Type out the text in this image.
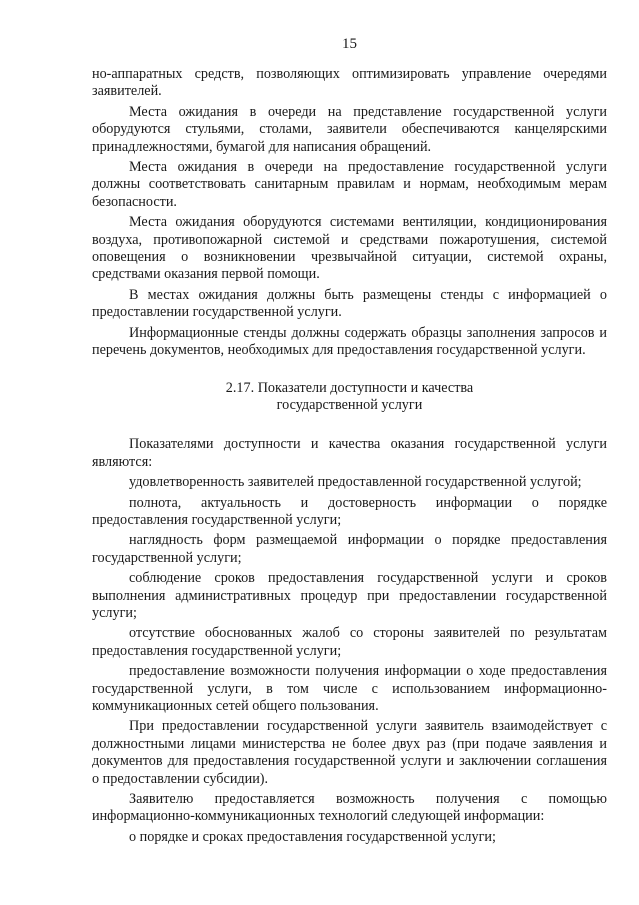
15

но-аппаратных средств, позволяющих оптимизировать управление очередями заявителей.

Места ожидания в очереди на представление государственной услуги оборудуются стульями, столами, заявители обеспечиваются канцелярскими принадлежностями, бумагой для написания обращений.

Места ожидания в очереди на предоставление государственной услуги должны соответствовать санитарным правилам и нормам, необходимым мерам безопасности.

Места ожидания оборудуются системами вентиляции, кондиционирования воздуха, противопожарной системой и средствами пожаротушения, системой оповещения о возникновении чрезвычайной ситуации, системой охраны, средствами оказания первой помощи.

В местах ожидания должны быть размещены стенды с информацией о предоставлении государственной услуги.

Информационные стенды должны содержать образцы заполнения запросов и перечень документов, необходимых для предоставления государственной услуги.

2.17. Показатели доступности и качества
государственной услуги

Показателями доступности и качества оказания государственной услуги являются:

удовлетворенность заявителей предоставленной государственной услугой;

полнота, актуальность и достоверность информации о порядке предоставления государственной услуги;

наглядность форм размещаемой информации о порядке предоставления государственной услуги;

соблюдение сроков предоставления государственной услуги и сроков выполнения административных процедур при предоставлении государственной услуги;

отсутствие обоснованных жалоб со стороны заявителей по результатам предоставления государственной услуги;

предоставление возможности получения информации о ходе предоставления государственной услуги, в том числе с использованием информационно-коммуникационных сетей общего пользования.

При предоставлении государственной услуги заявитель взаимодействует с должностными лицами министерства не более двух раз (при подаче заявления и документов для предоставления государственной услуги и заключении соглашения о предоставлении субсидии).

Заявителю предоставляется возможность получения с помощью информационно-коммуникационных технологий следующей информации:

о порядке и сроках предоставления государственной услуги;
